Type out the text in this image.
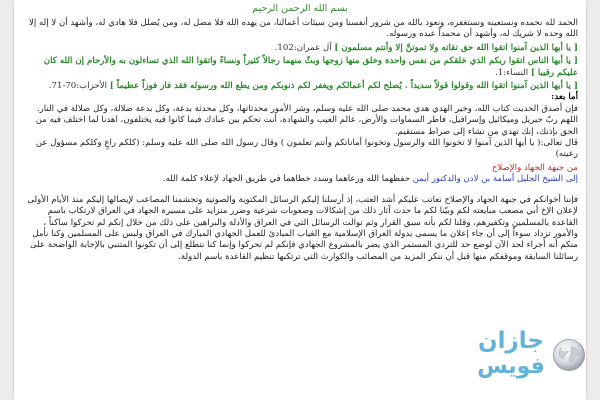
بسم الله الرحمن الرحيم

الحمد لله نحمده ونستعينه ونستغفره، ونعوذ بالله من شرور أنفسنا ومن سيئات أعمالنا، من يهده الله فلا مضل له، ومن يُضلل فلا هادي له، وأشهد أن لا إله إلا الله وحده لا شريك له، وأشهد أن محمداً عبده ورسوله.

[ يا أيها الذين آمنوا اتقوا الله حق تقاته ولا تموتنَّ إلا وأنتم مسلمون ] آل عمران:102.

[ يا أيها الناس اتقوا ربكم الذي خلقكم من نفس واحدة وخلق منها زوجها وبثّ منهما رجالاً كثيراً ونساءً واتقوا الله الذي تساءلون به والأرحام إن الله كان عليكم رقيبا ] النساء:1.

[ يا أيها الذين آمنوا اتقوا الله وقولوا قولاً سديداً . يُصلح لكم أعمالكم ويغفر لكم ذنوبكم ومن يطع الله ورسوله فقد فاز فوزاً عظيماً ] الأحزاب:70-71.

أما بعد:

فإن أصدق الحديث كتاب الله، وخير الهدي هدي محمد صلى الله عليه وسلم، وشر الأمور محدثاتها، وكل محدثة بدعة، وكل بدعة ضلالة، وكل ضلالة في النار.

اللهم ربّ جبريل وميكائيل وإسرافيل، فاطر السماوات والأرض، عالم الغيب والشهادة، أنت تحكم بين عبادك فيما كانوا فيه يختلفون، اهدنا لما اختلف فيه من الحق بإذنك، إنك تهدي من تشاء إلى صراط مستقيم.

قال تعالى:( يا أيها الذين آمنوا لا تخونوا الله والرسول وتخونوا أماناتكم وأنتم تعلمون ) وقال رسول الله صلى الله عليه وسلم: (كلكم راعٍ وكلكم مسؤول عن رعيته)

من جبهة الجهاد والإصلاح

إلى الشيخ الجليل أسامة بن لادن والدكتور أيمن حفظهما الله ورعاهما وسدد خطاهما في طريق الجهاد لإعلاء كلمة الله.

فإننا أخوانكم في جبهة الجهاد والإصلاح نعاتب عليكم أشد العتب، إذ أرسلنا إليكم الرسائل المكتوبة والصوتية وتجشمنا المصاعب لإيصالها إليكم منذ الأيام الأولى لإعلان الإخ أبي مصعب مبايعته لكم وبيّنا لكم ما حدث آثار ذلك من إشكالات وصعوبات شرعية وضرر متزايد على مسيرة الجهاد في العراق لارتكاب باسم القاعدة بالمسلمين وتكفيرهم، وقلنا لكم بأنه سبق القرار وثم توالت الرسائل التي في العراق والأدلة والبراهين على ذلك من خلال إنكم لم تحركوا ساكناً ، والأمور تزداد سوءاً إلى أن جاء إعلان ما يسمى بدولة العراق الإسلامية مع الغياب المبادئ للعمل الجهادي المبارك في العراق ولبس على المسلمين وكنا نأمل منكم أنه أجراء لحد الآن لوضع حد للتردي المستمر الذي يضر بالمشروع الجهادي فإنكم لم تحركوا وإنما كنا نتطلع إلى أن تكونوا المتنبي بالإجابة الواضحة على رسائلنا السابقة وموقفكم منها قبل أن ننكر المزيد من المصائب والكوارث التي ترتكبها تنظيم القاعدة باسم الدولة.

جازان
فويس
